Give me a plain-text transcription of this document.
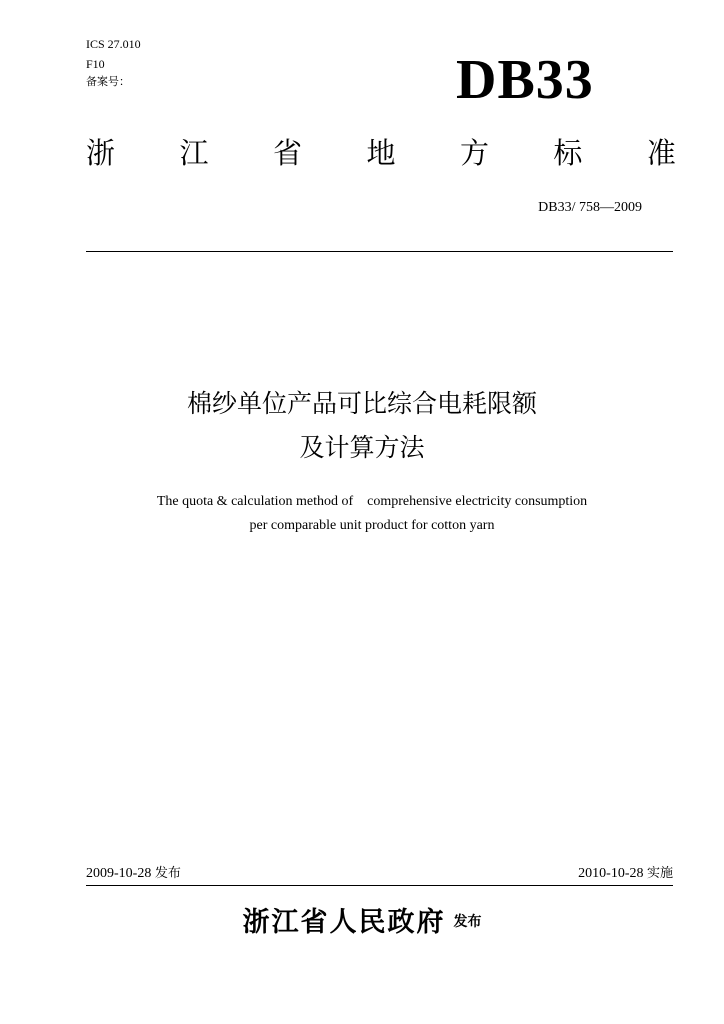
ICS 27.010
F10
备案号：	DB33
浙 江 省 地 方 标 准
DB33/ 758—2009
棉纱单位产品可比综合电耗限额
及计算方法
The quota & calculation method of    comprehensive electricity consumption
per comparable unit product for cotton yarn
2009-10-28 发布	2010-10-28 实施
浙江省人民政府 发布
